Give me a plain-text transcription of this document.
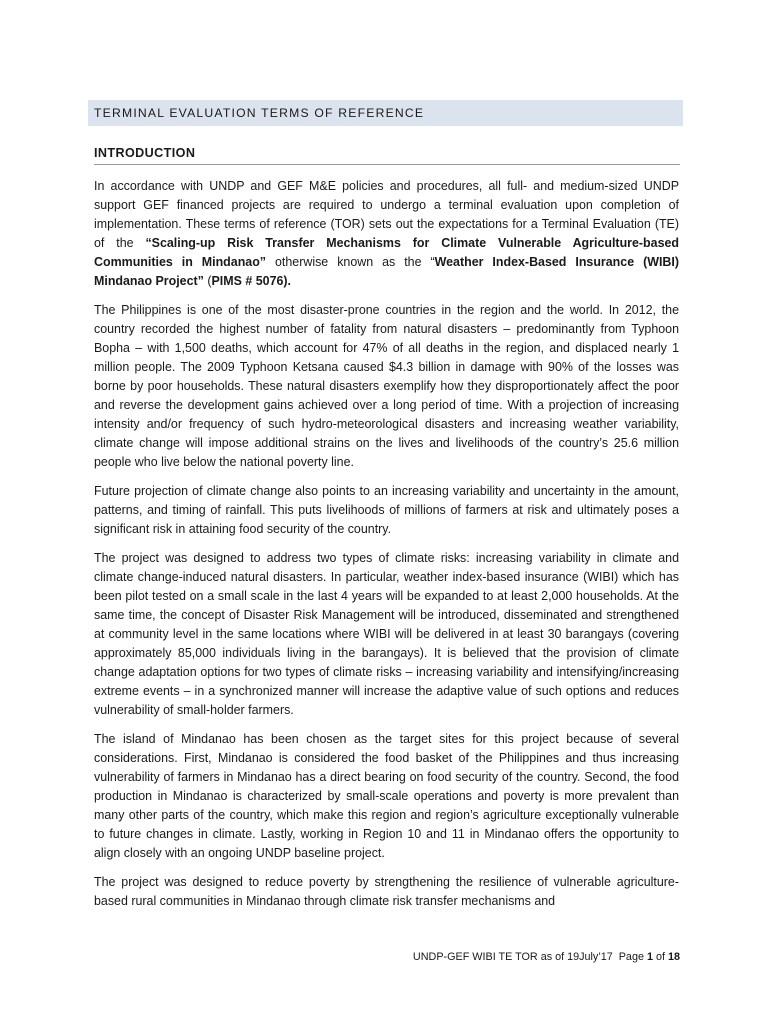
TERMINAL EVALUATION TERMS OF REFERENCE
INTRODUCTION

In accordance with UNDP and GEF M&E policies and procedures, all full- and medium-sized UNDP support GEF financed projects are required to undergo a terminal evaluation upon completion of implementation. These terms of reference (TOR) sets out the expectations for a Terminal Evaluation (TE) of the “Scaling-up Risk Transfer Mechanisms for Climate Vulnerable Agriculture-based Communities in Mindanao” otherwise known as the “Weather Index-Based Insurance (WIBI) Mindanao Project” (PIMS # 5076).

The Philippines is one of the most disaster-prone countries in the region and the world. In 2012, the country recorded the highest number of fatality from natural disasters – predominantly from Typhoon Bopha – with 1,500 deaths, which account for 47% of all deaths in the region, and displaced nearly 1 million people. The 2009 Typhoon Ketsana caused $4.3 billion in damage with 90% of the losses was borne by poor households. These natural disasters exemplify how they disproportionately affect the poor and reverse the development gains achieved over a long period of time. With a projection of increasing intensity and/or frequency of such hydro-meteorological disasters and increasing weather variability, climate change will impose additional strains on the lives and livelihoods of the country’s 25.6 million people who live below the national poverty line.

Future projection of climate change also points to an increasing variability and uncertainty in the amount, patterns, and timing of rainfall. This puts livelihoods of millions of farmers at risk and ultimately poses a significant risk in attaining food security of the country.

The project was designed to address two types of climate risks: increasing variability in climate and climate change-induced natural disasters. In particular, weather index-based insurance (WIBI) which has been pilot tested on a small scale in the last 4 years will be expanded to at least 2,000 households. At the same time, the concept of Disaster Risk Management will be introduced, disseminated and strengthened at community level in the same locations where WIBI will be delivered in at least 30 barangays (covering approximately 85,000 individuals living in the barangays). It is believed that the provision of climate change adaptation options for two types of climate risks – increasing variability and intensifying/increasing extreme events – in a synchronized manner will increase the adaptive value of such options and reduces vulnerability of small-holder farmers.

The island of Mindanao has been chosen as the target sites for this project because of several considerations. First, Mindanao is considered the food basket of the Philippines and thus increasing vulnerability of farmers in Mindanao has a direct bearing on food security of the country. Second, the food production in Mindanao is characterized by small-scale operations and poverty is more prevalent than many other parts of the country, which make this region and region’s agriculture exceptionally vulnerable to future changes in climate. Lastly, working in Region 10 and 11 in Mindanao offers the opportunity to align closely with an ongoing UNDP baseline project.

The project was designed to reduce poverty by strengthening the resilience of vulnerable agriculture-based rural communities in Mindanao through climate risk transfer mechanisms and

UNDP-GEF WIBI TE TOR as of 19July’17 Page 1 of 18
